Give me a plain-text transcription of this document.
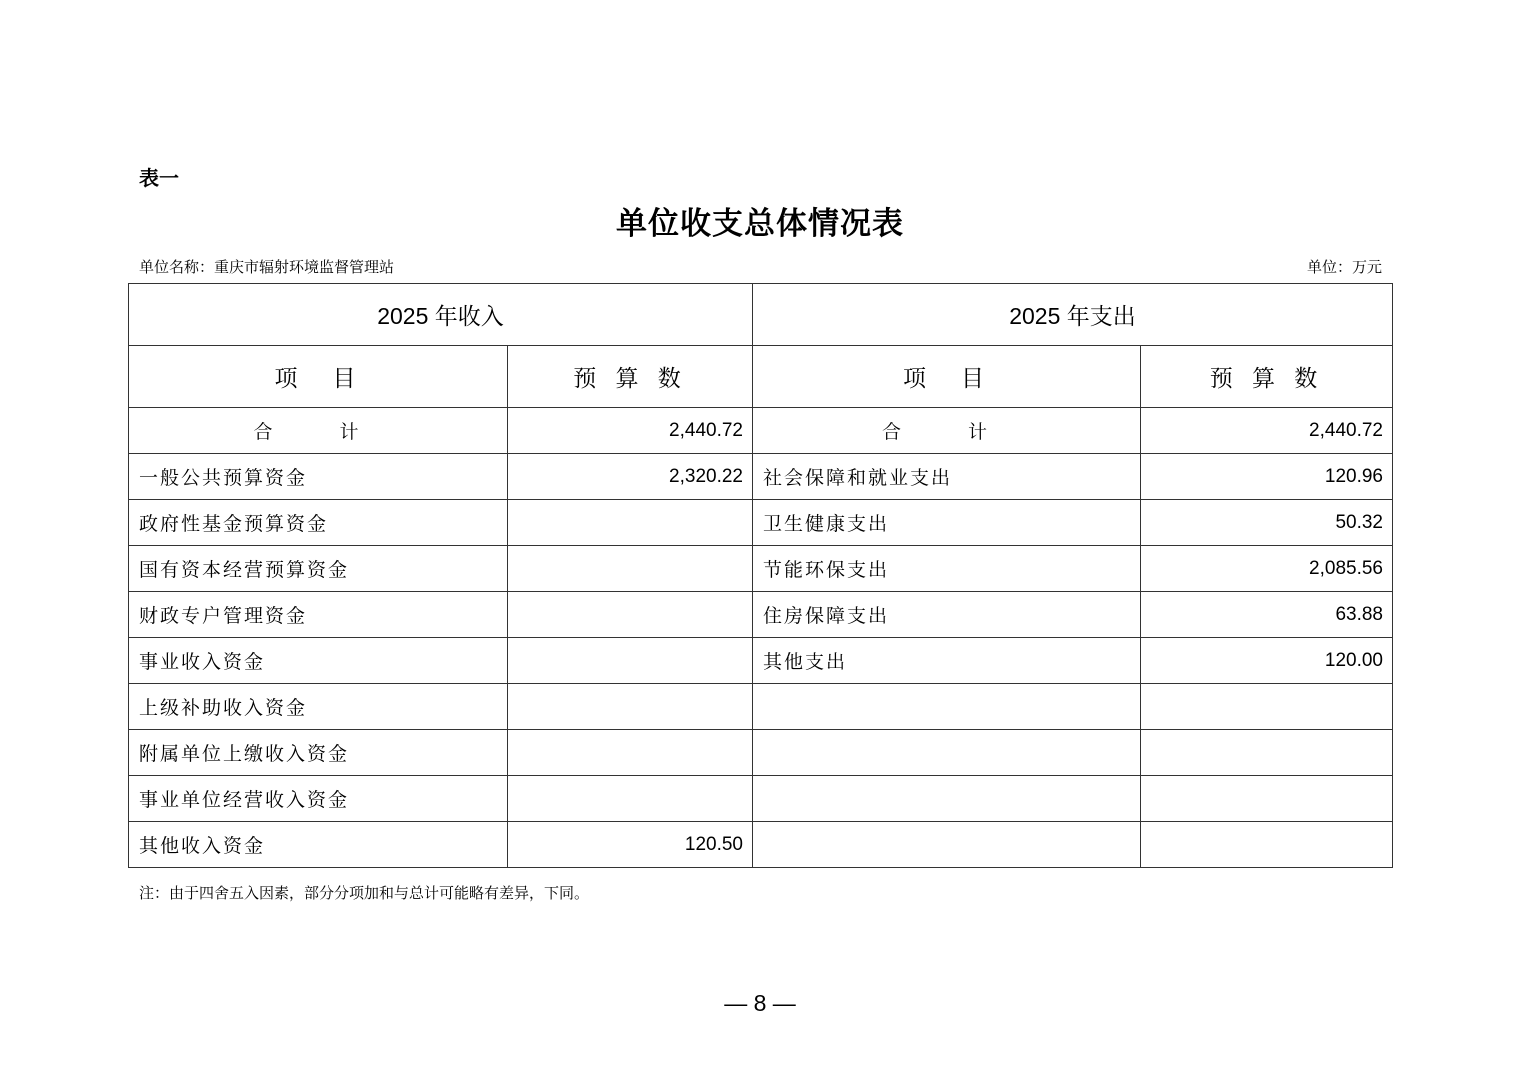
表一
单位收支总体情况表
单位名称：重庆市辐射环境监督管理站	单位：万元
2025 年收入		2025 年支出	
项　目	预 算 数	项　目	预 算 数
合　计	2,440.72	合　计	2,440.72
一般公共预算资金	2,320.22	社会保障和就业支出	120.96
政府性基金预算资金		卫生健康支出	50.32
国有资本经营预算资金		节能环保支出	2,085.56
财政专户管理资金		住房保障支出	63.88
事业收入资金		其他支出	120.00
上级补助收入资金			
附属单位上缴收入资金			
事业单位经营收入资金			
其他收入资金	120.50		
注：由于四舍五入因素，部分分项加和与总计可能略有差异，下同。
— 8 —
